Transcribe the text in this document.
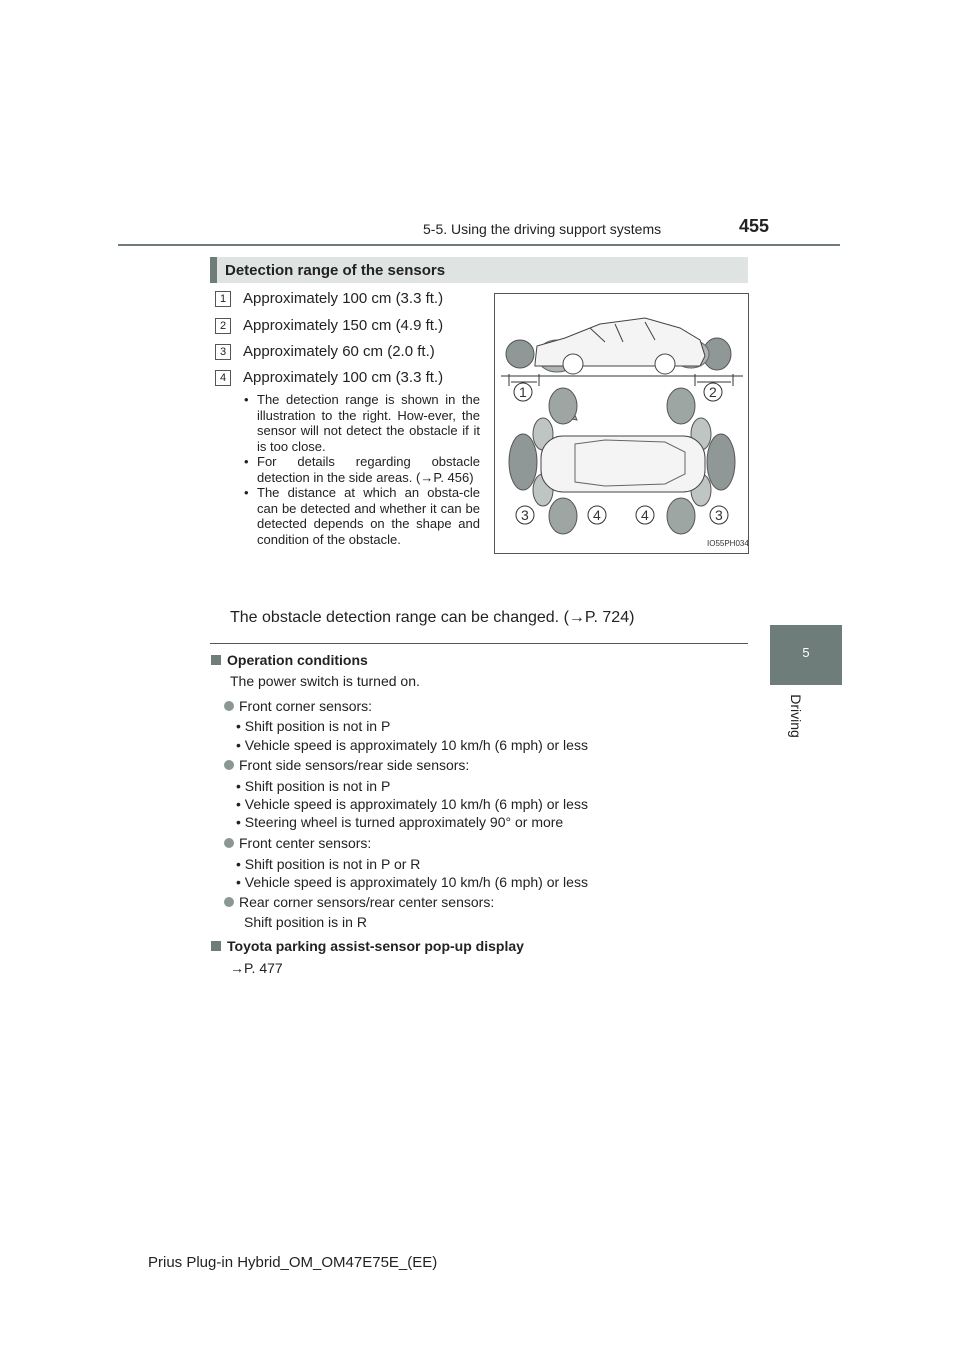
5-5. Using the driving support systems	455
5
Driving
Detection range of the sensors
1 Approximately 100 cm (3.3 ft.)
2 Approximately 150 cm (4.9 ft.)
3 Approximately 60 cm (2.0 ft.)
4 Approximately 100 cm (3.3 ft.)
• The detection range is shown in the illustration to the right. How-ever, the sensor will not detect the obstacle if it is too close.
• For details regarding obstacle detection in the side areas. (→P. 456)
• The distance at which an obsta-cle can be detected and whether it can be detected depends on the shape and condition of the obstacle.
1	2
3	4	4	3
IO55PH034
The obstacle detection range can be changed. (→P. 724)
Operation conditions
The power switch is turned on.
Front corner sensors:
• Shift position is not in P
• Vehicle speed is approximately 10 km/h (6 mph) or less
Front side sensors/rear side sensors:
• Shift position is not in P
• Vehicle speed is approximately 10 km/h (6 mph) or less
• Steering wheel is turned approximately 90° or more
Front center sensors:
• Shift position is not in P or R
• Vehicle speed is approximately 10 km/h (6 mph) or less
Rear corner sensors/rear center sensors:
Shift position is in R
Toyota parking assist-sensor pop-up display
→P. 477
Prius Plug-in Hybrid_OM_OM47E75E_(EE)
